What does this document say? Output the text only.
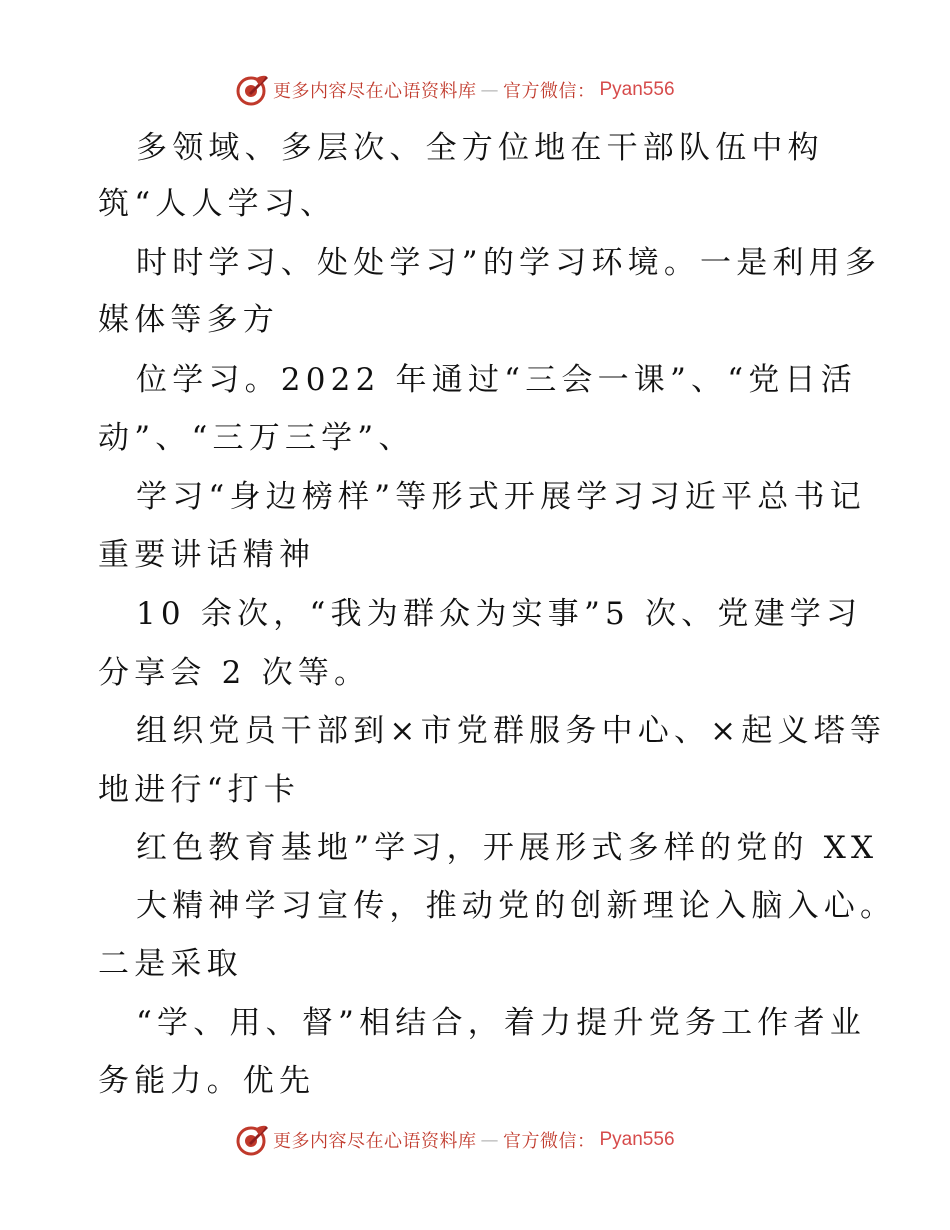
更多内容尽在心语资料库 — 官方微信： Pyan556
多领域、多层次、全方位地在干部队伍中构
筑“人人学习、
时时学习、处处学习”的学习环境。一是利用多
媒体等多方
位学习。2022 年通过“三会一课”、“党日活
动”、“三万三学”、
学习“身边榜样”等形式开展学习习近平总书记
重要讲话精神
10 余次，“我为群众为实事”5 次、党建学习
分享会 2 次等。
组织党员干部到×市党群服务中心、×起义塔等
地进行“打卡
红色教育基地”学习，开展形式多样的党的 XX
大精神学习宣传，推动党的创新理论入脑入心。
二是采取
“学、用、督”相结合，着力提升党务工作者业
务能力。优先
更多内容尽在心语资料库 — 官方微信： Pyan556
